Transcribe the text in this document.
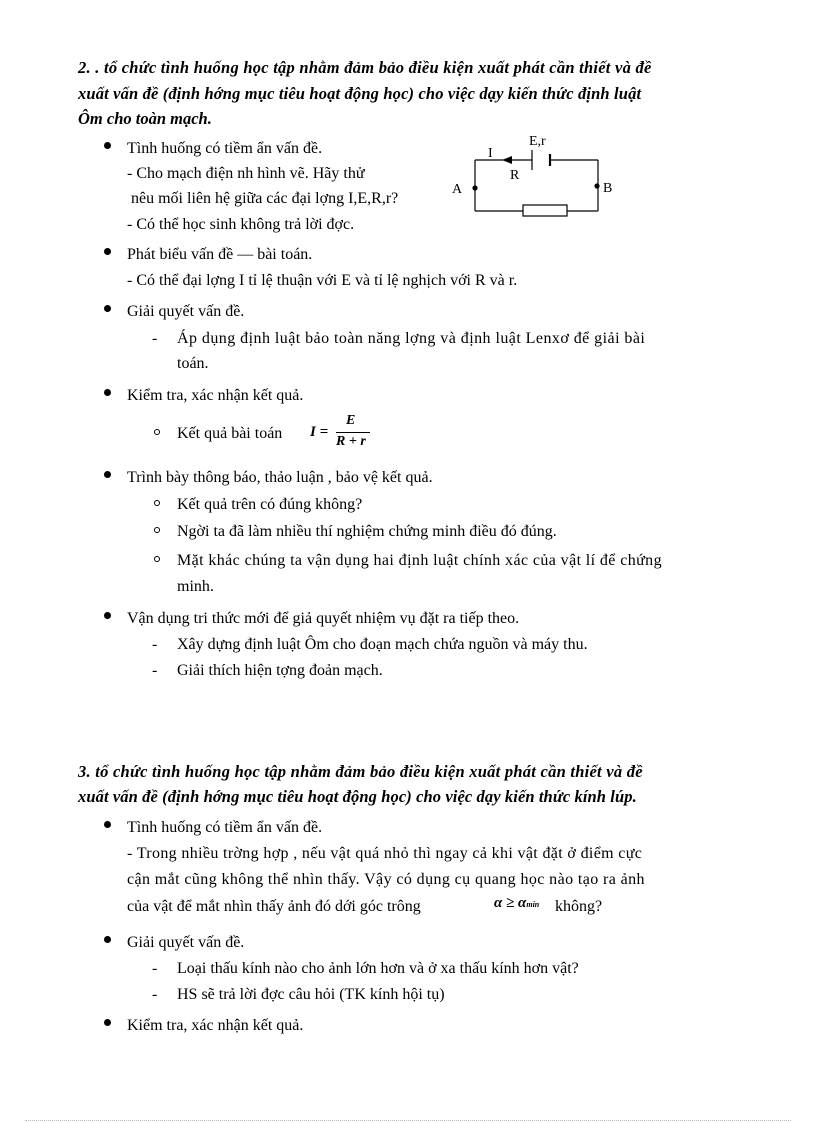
2. . tổ chức tình huống học tập nhằm đảm bảo điều kiện xuất phát cần thiết và đề
xuất vấn đề (định hớng mục tiêu hoạt động học) cho việc dạy kiến thức định luật
Ôm cho toàn mạch.
Tình huống có tiềm ẩn vấn đề.
- Cho mạch điện nh hình vẽ. Hãy thử
nêu mối liên hệ giữa các đại lợng I,E,R,r?
- Có thể học sinh không trả lời đợc.
I
E,r
R
A	B
Phát biểu vấn đề — bài toán.
- Có thể đại lợng I tỉ lệ thuận với E và tỉ lệ nghịch với R và r.
Giải quyết vấn đề.
- Áp dụng định luật bảo toàn năng lợng và định luật Lenxơ để giải bài
toán.
Kiểm tra, xác nhận kết quả.
Kết quả bài toán I =
E
R + r
Trình bày thông báo, thảo luận , bảo vệ kết quả.
Kết quả trên có đúng không?
Ngời ta đã làm nhiều thí nghiệm chứng minh điều đó đúng.
Mặt khác chúng ta vận dụng hai định luật chính xác của vật lí để chứng
minh.
Vận dụng tri thức mới để giả quyết nhiệm vụ đặt ra tiếp theo.
- Xây dựng định luật Ôm cho đoạn mạch chứa nguồn và máy thu.
- Giải thích hiện tợng đoản mạch.
3. tổ chức tình huống học tập nhằm đảm bảo điều kiện xuất phát cần thiết và đề
xuất vấn đề (định hớng mục tiêu hoạt động học) cho việc dạy kiến thức kính lúp.
Tình huống có tiềm ẩn vấn đề.
- Trong nhiều trờng hợp , nếu vật quá nhỏ thì ngay cả khi vật đặt ở điểm cực
cận mắt cũng không thể nhìn thấy. Vậy có dụng cụ quang học nào tạo ra ảnh
của vật để mắt nhìn thấy ảnh đó dới góc trông	α ≥ αmin không?
Giải quyết vấn đề.
- Loại thấu kính nào cho ảnh lớn hơn và ở xa thấu kính hơn vật?
- HS sẽ trả lời đợc câu hỏi (TK kính hội tụ)
Kiểm tra, xác nhận kết quả.
